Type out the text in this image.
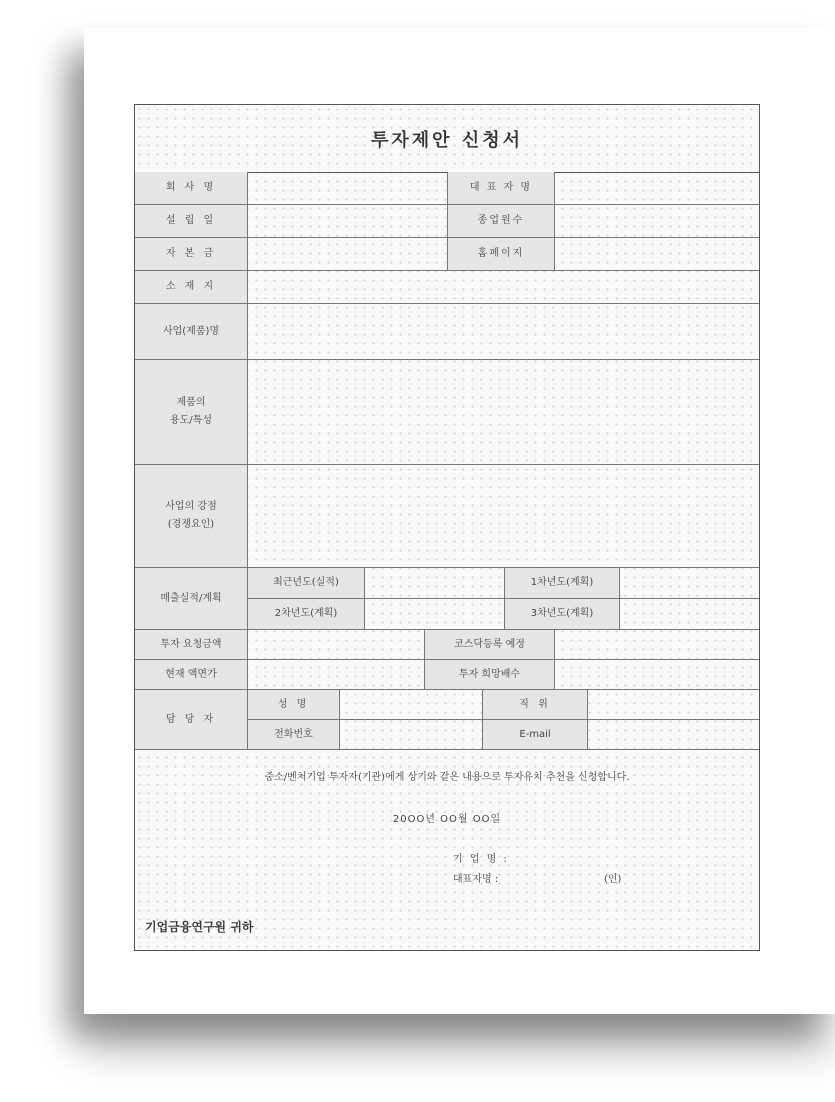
투자제안 신청서
회 사 명	대 표 자 명
설 립 일	종업원수
자 본 금	홈페이지
소 재 지
사업(제품)명
제품의
용도/특성
사업의 강점
(경쟁요인)
매출실적/계획
최근년도(실적)	1차년도(계획)
2차년도(계획)	3차년도(계획)
투자 요청금액	코스닥등록 예정
현재 액면가	투자 희망배수
담 당 자
성 명	직 위
전화번호	E-mail
중소/벤처기업 투자자(기관)에게 상기와 같은 내용으로 투자유치 추천을 신청합니다.
20OO년 OO월 OO일
기 업 명 :
대표자명 :	(인)
기업금융연구원 귀하
